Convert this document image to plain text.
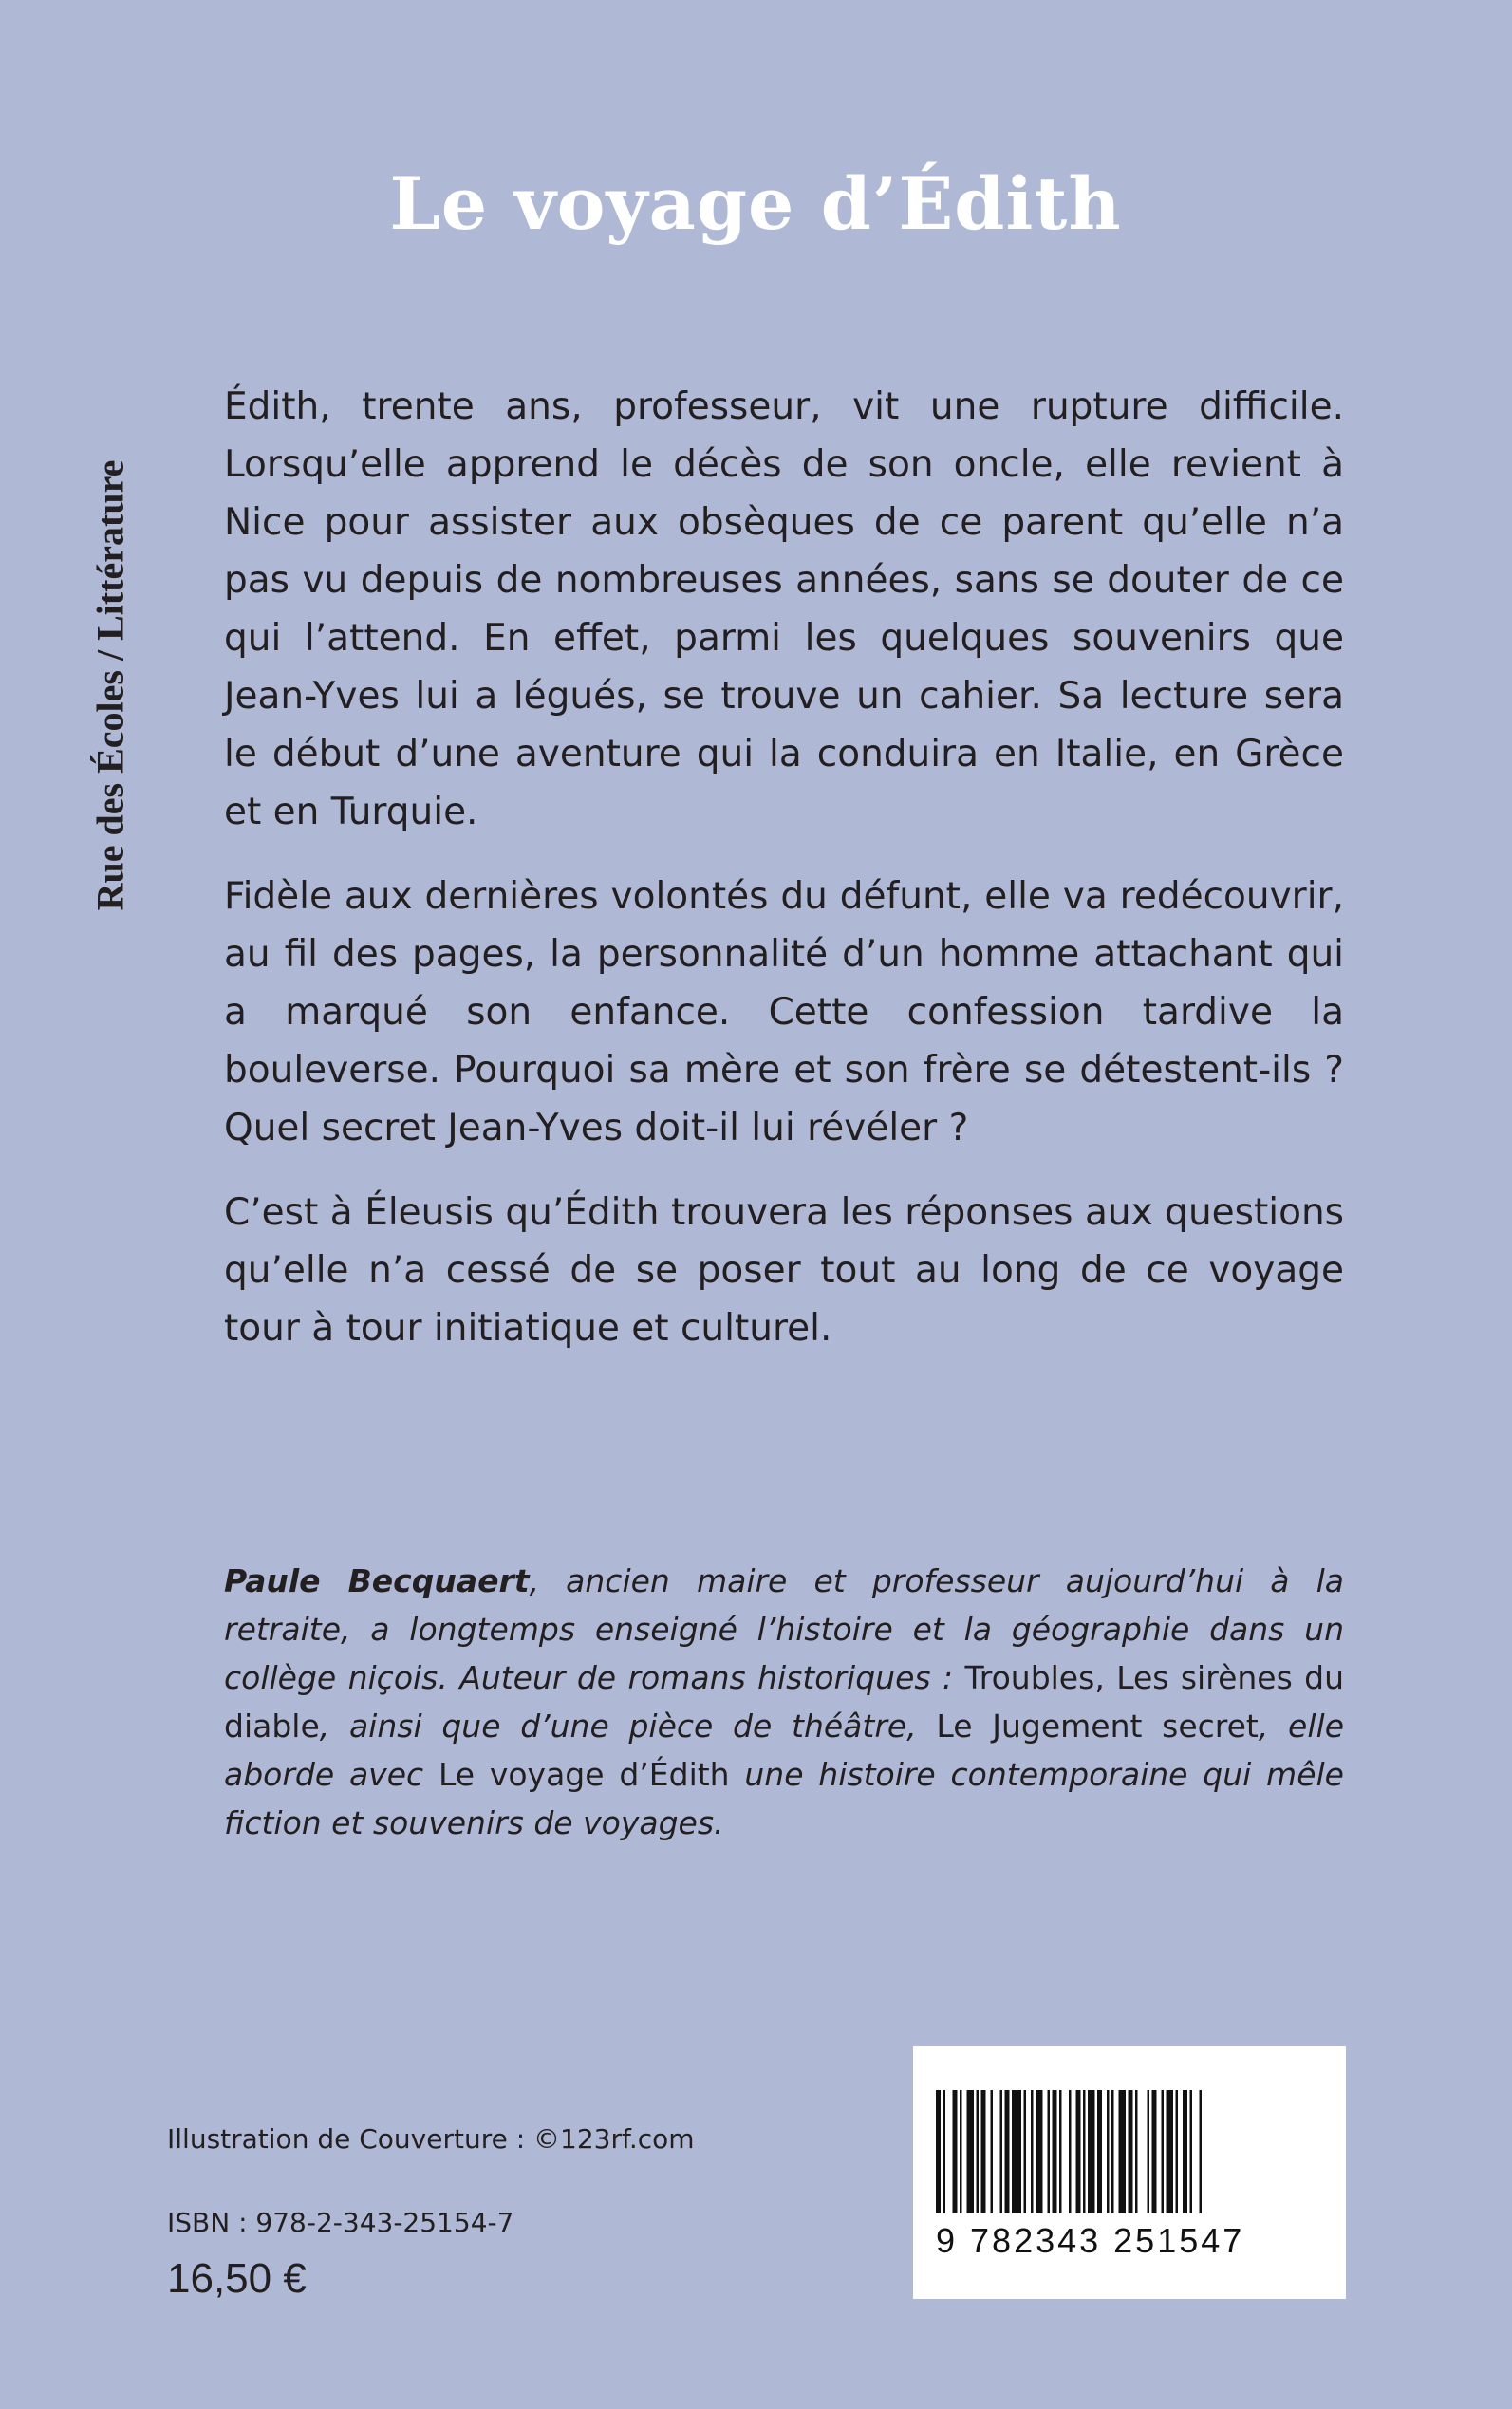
Rue des Écoles / Littérature
Le voyage d’Édith

Édith, trente ans, professeur, vit une rupture difficile. Lorsqu’elle apprend le décès de son oncle, elle revient à Nice pour assister aux obsèques de ce parent qu’elle n’a pas vu depuis de nombreuses années, sans se douter de ce qui l’attend. En effet, parmi les quelques souvenirs que Jean-Yves lui a légués, se trouve un cahier. Sa lecture sera le début d’une aventure qui la conduira en Italie, en Grèce et en Turquie.

Fidèle aux dernières volontés du défunt, elle va redécouvrir, au fil des pages, la personnalité d’un homme attachant qui a marqué son enfance. Cette confession tardive la bouleverse. Pourquoi sa mère et son frère se détestent-ils ? Quel secret Jean-Yves doit-il lui révéler ?

C’est à Éleusis qu’Édith trouvera les réponses aux questions qu’elle n’a cessé de se poser tout au long de ce voyage tour à tour initiatique et culturel.

Paule Becquaert, ancien maire et professeur aujourd’hui à la retraite, a longtemps enseigné l’histoire et la géographie dans un collège niçois. Auteur de romans historiques : Troubles, Les sirènes du diable, ainsi que d’une pièce de théâtre, Le Jugement secret, elle aborde avec Le voyage d’Édith une histoire contemporaine qui mêle fiction et souvenirs de voyages.

Illustration de Couverture : ©123rf.com
ISBN : 978-2-343-25154-7
16,50 €
9 782343 251547
